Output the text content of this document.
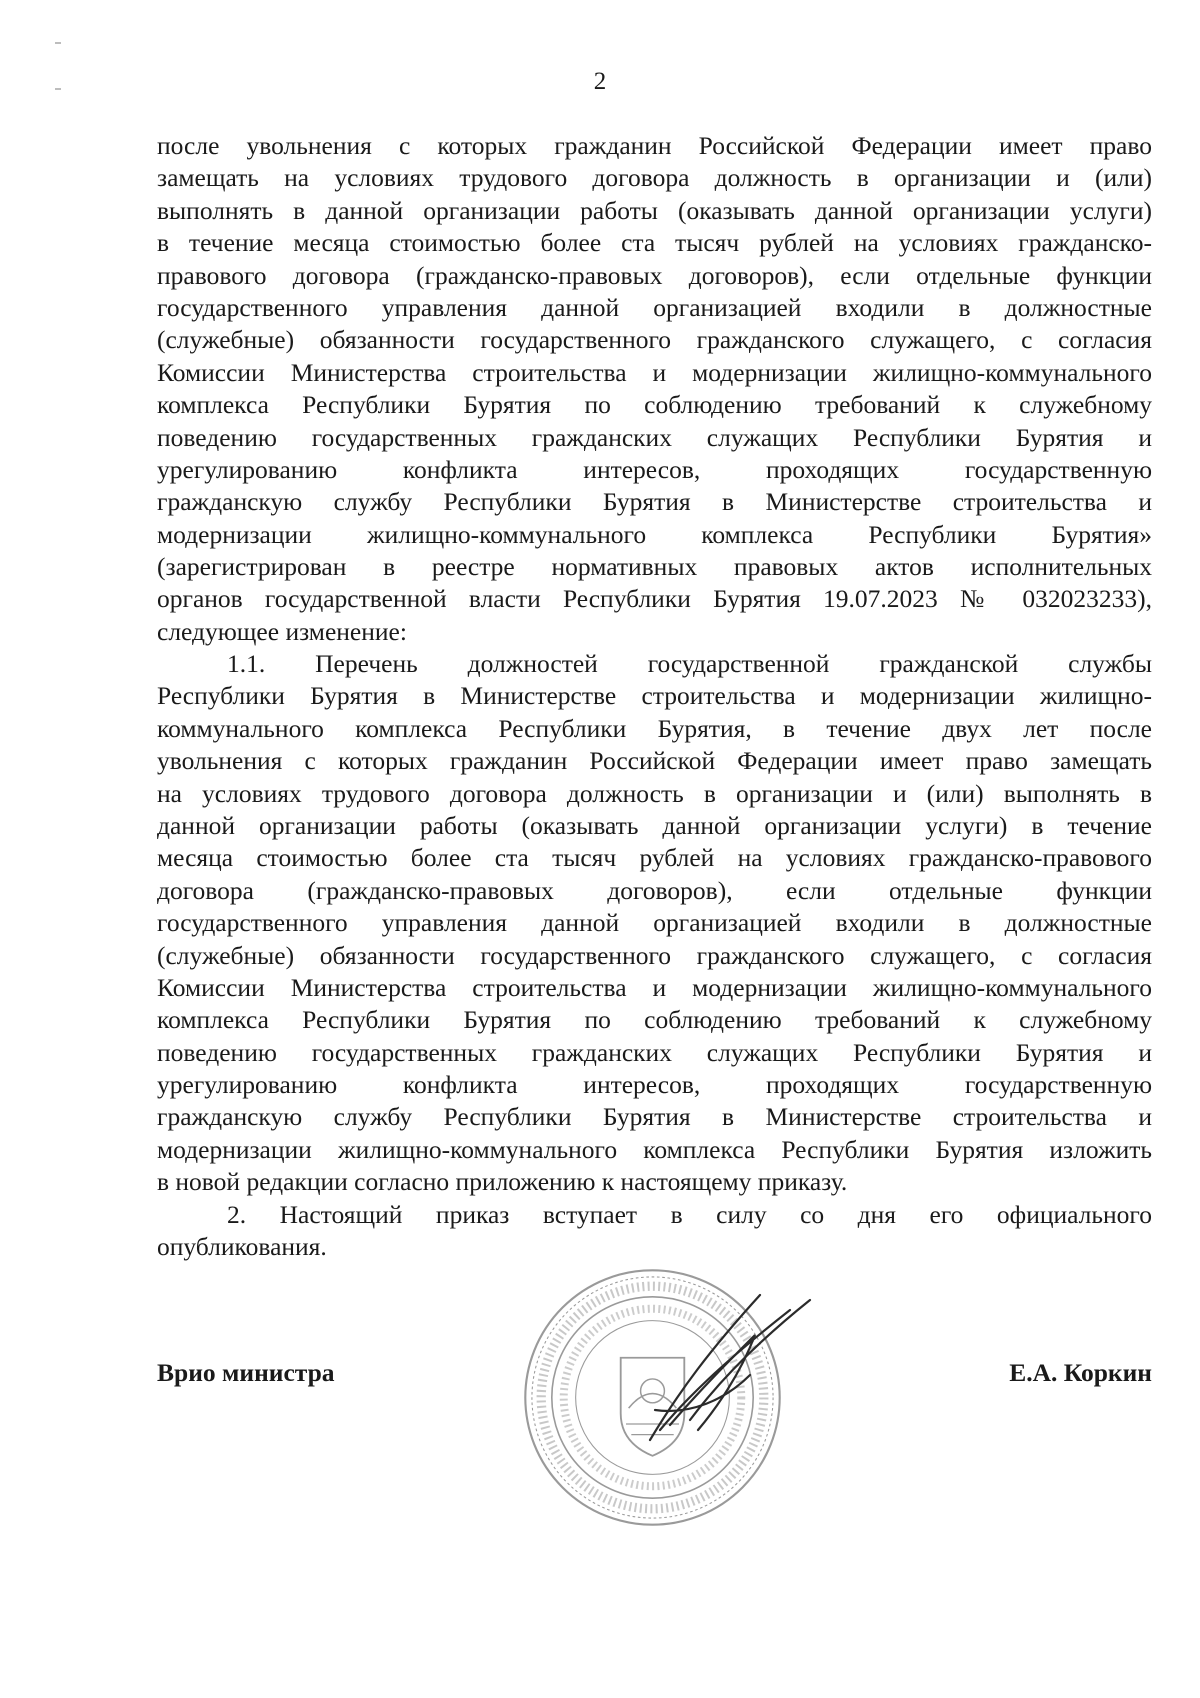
2
после увольнения с которых гражданин Российской Федерации имеет право
замещать на условиях трудового договора должность в организации и (или)
выполнять в данной организации работы (оказывать данной организации услуги)
в течение месяца стоимостью более ста тысяч рублей на условиях гражданско-
правового договора (гражданско-правовых договоров), если отдельные функции
государственного управления данной организацией входили в должностные
(служебные) обязанности государственного гражданского служащего, с согласия
Комиссии Министерства строительства и модернизации жилищно-коммунального
комплекса Республики Бурятия по соблюдению требований к служебному
поведению государственных гражданских служащих Республики Бурятия и
урегулированию конфликта интересов, проходящих государственную
гражданскую службу Республики Бурятия в Министерстве строительства и
модернизации жилищно-коммунального комплекса Республики Бурятия»
(зарегистрирован в реестре нормативных правовых актов исполнительных
органов государственной власти Республики Бурятия 19.07.2023 № 032023233),
следующее изменение:
1.1. Перечень должностей государственной гражданской службы
Республики Бурятия в Министерстве строительства и модернизации жилищно-
коммунального комплекса Республики Бурятия, в течение двух лет после
увольнения с которых гражданин Российской Федерации имеет право замещать
на условиях трудового договора должность в организации и (или) выполнять в
данной организации работы (оказывать данной организации услуги) в течение
месяца стоимостью более ста тысяч рублей на условиях гражданско-правового
договора (гражданско-правовых договоров), если отдельные функции
государственного управления данной организацией входили в должностные
(служебные) обязанности государственного гражданского служащего, с согласия
Комиссии Министерства строительства и модернизации жилищно-коммунального
комплекса Республики Бурятия по соблюдению требований к служебному
поведению государственных гражданских служащих Республики Бурятия и
урегулированию конфликта интересов, проходящих государственную
гражданскую службу Республики Бурятия в Министерстве строительства и
модернизации жилищно-коммунального комплекса Республики Бурятия изложить
в новой редакции согласно приложению к настоящему приказу.
2. Настоящий приказ вступает в силу со дня его официального
опубликования.
Врио министра	Е.А. Коркин
